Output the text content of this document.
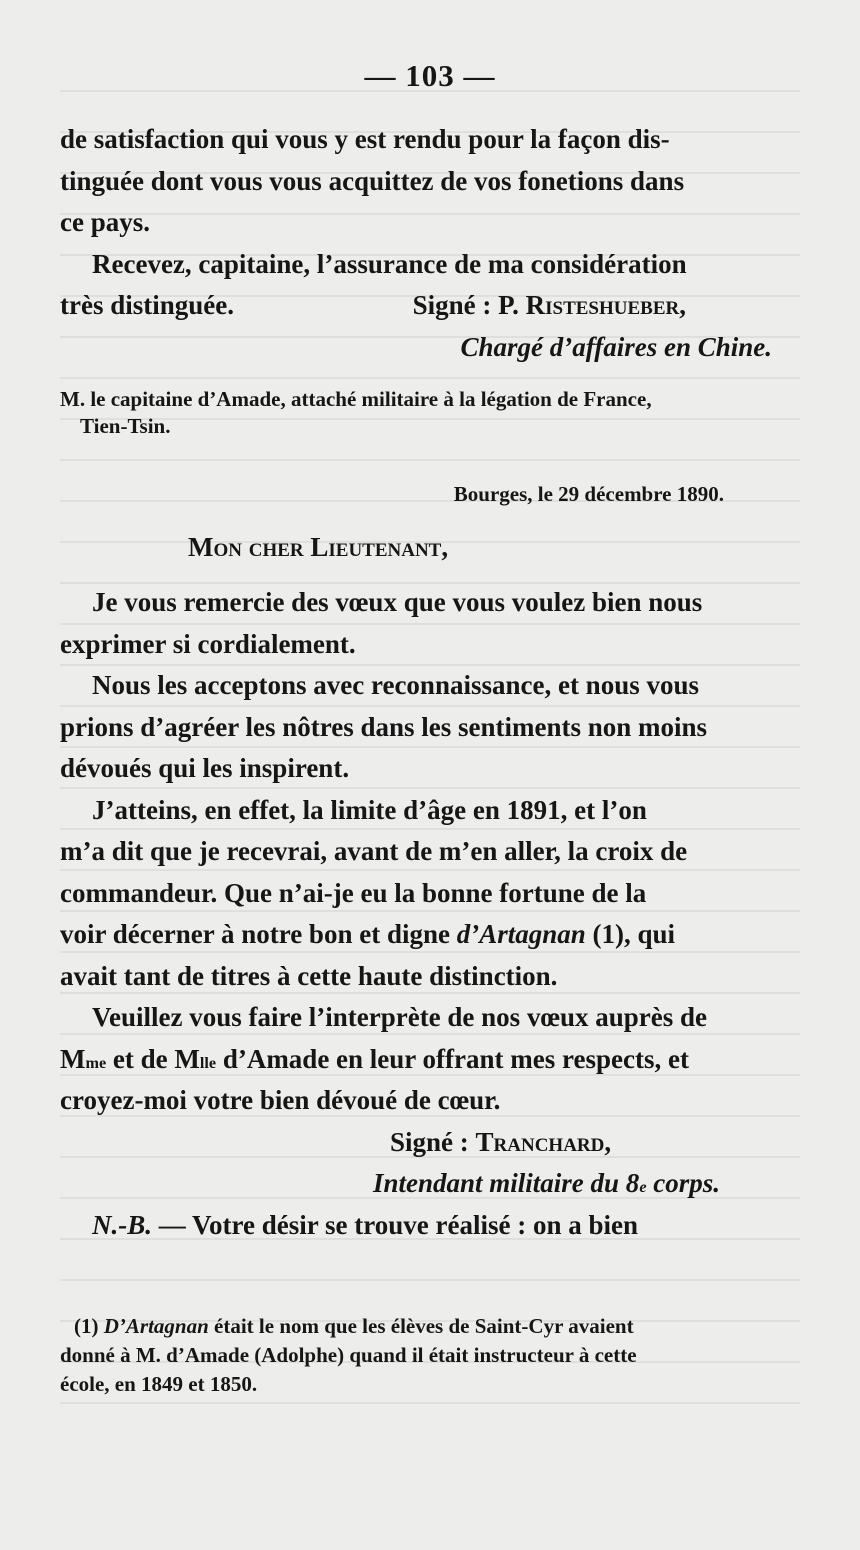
— 103 —

de satisfaction qui vous y est rendu pour la façon dis-

tinguée dont vous vous acquittez de vos fonetions dans

ce pays.

Recevez, capitaine, l’assurance de ma considération

très distinguée.	Signé : P. Risteshueber,

Chargé d’affaires en Chine.

M. le capitaine d’Amade, attaché militaire à la légation de France,
Tien-Tsin.
Bourges, le 29 décembre 1890.
Mon cher Lieutenant,

Je vous remercie des vœux que vous voulez bien nous

exprimer si cordialement.

Nous les acceptons avec reconnaissance, et nous vous

prions d’agréer les nôtres dans les sentiments non moins

dévoués qui les inspirent.

J’atteins, en effet, la limite d’âge en 1891, et l’on

m’a dit que je recevrai, avant de m’en aller, la croix de

commandeur. Que n’ai-je eu la bonne fortune de la

voir décerner à notre bon et digne d’Artagnan (1), qui

avait tant de titres à cette haute distinction.

Veuillez vous faire l’interprète de nos vœux auprès de

$M^{me}$ et de $M^{lle}$ d’Amade en leur offrant mes respects, et

croyez-moi votre bien dévoué de cœur.

Signé : Tranchard,

Intendant militaire du 8e corps.

N.-B. — Votre désir se trouve réalisé : on a bien

(1) D’Artagnan était le nom que les élèves de Saint-Cyr avaient

donné à M. d’Amade (Adolphe) quand il était instructeur à cette

école, en 1849 et 1850.
